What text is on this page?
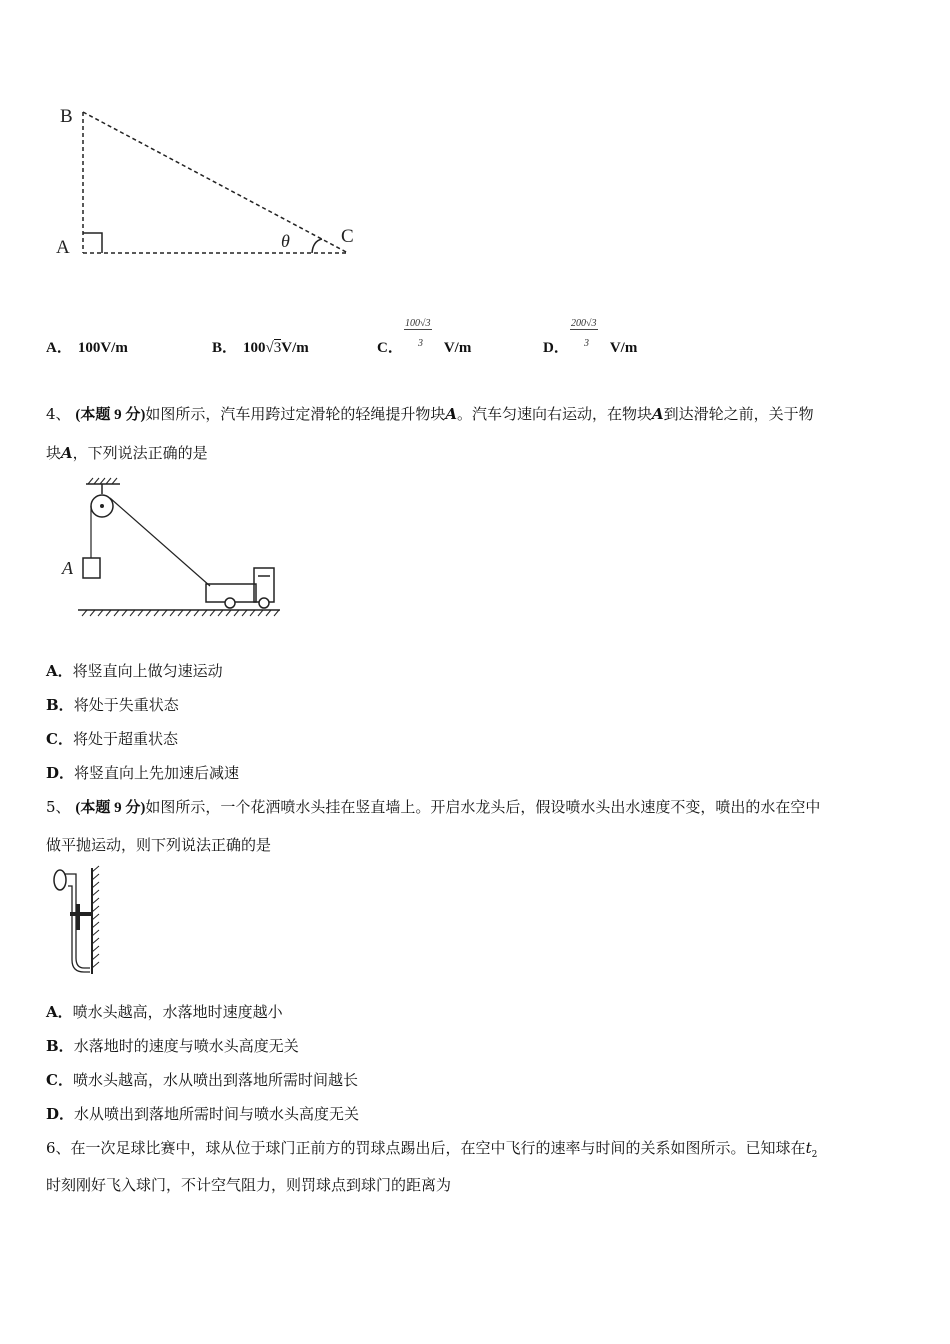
B
A
C
θ
A． 100V/m	B． 100√3V/m	C．	V/m
100√3
3	D．	V/m
200√3
3
4、 (本题 9 分)如图所示，汽车用跨过定滑轮的轻绳提升物块A。汽车匀速向右运动，在物块A到达滑轮之前，关于物
块A，下列说法正确的是
A
A．将竖直向上做匀速运动
B．将处于失重状态
C．将处于超重状态
D．将竖直向上先加速后减速
5、 (本题 9 分)如图所示，一个花洒喷水头挂在竖直墙上。开启水龙头后，假设喷水头出水速度不变，喷出的水在空中
做平抛运动，则下列说法正确的是
A．喷水头越高，水落地时速度越小
B．水落地时的速度与喷水头高度无关
C．喷水头越高，水从喷出到落地所需时间越长
D．水从喷出到落地所需时间与喷水头高度无关
6、在一次足球比赛中，球从位于球门正前方的罚球点踢出后，在空中飞行的速率与时间的关系如图所示。已知球在$t_2$
时刻刚好飞入球门，不计空气阻力，则罚球点到球门的距离为
